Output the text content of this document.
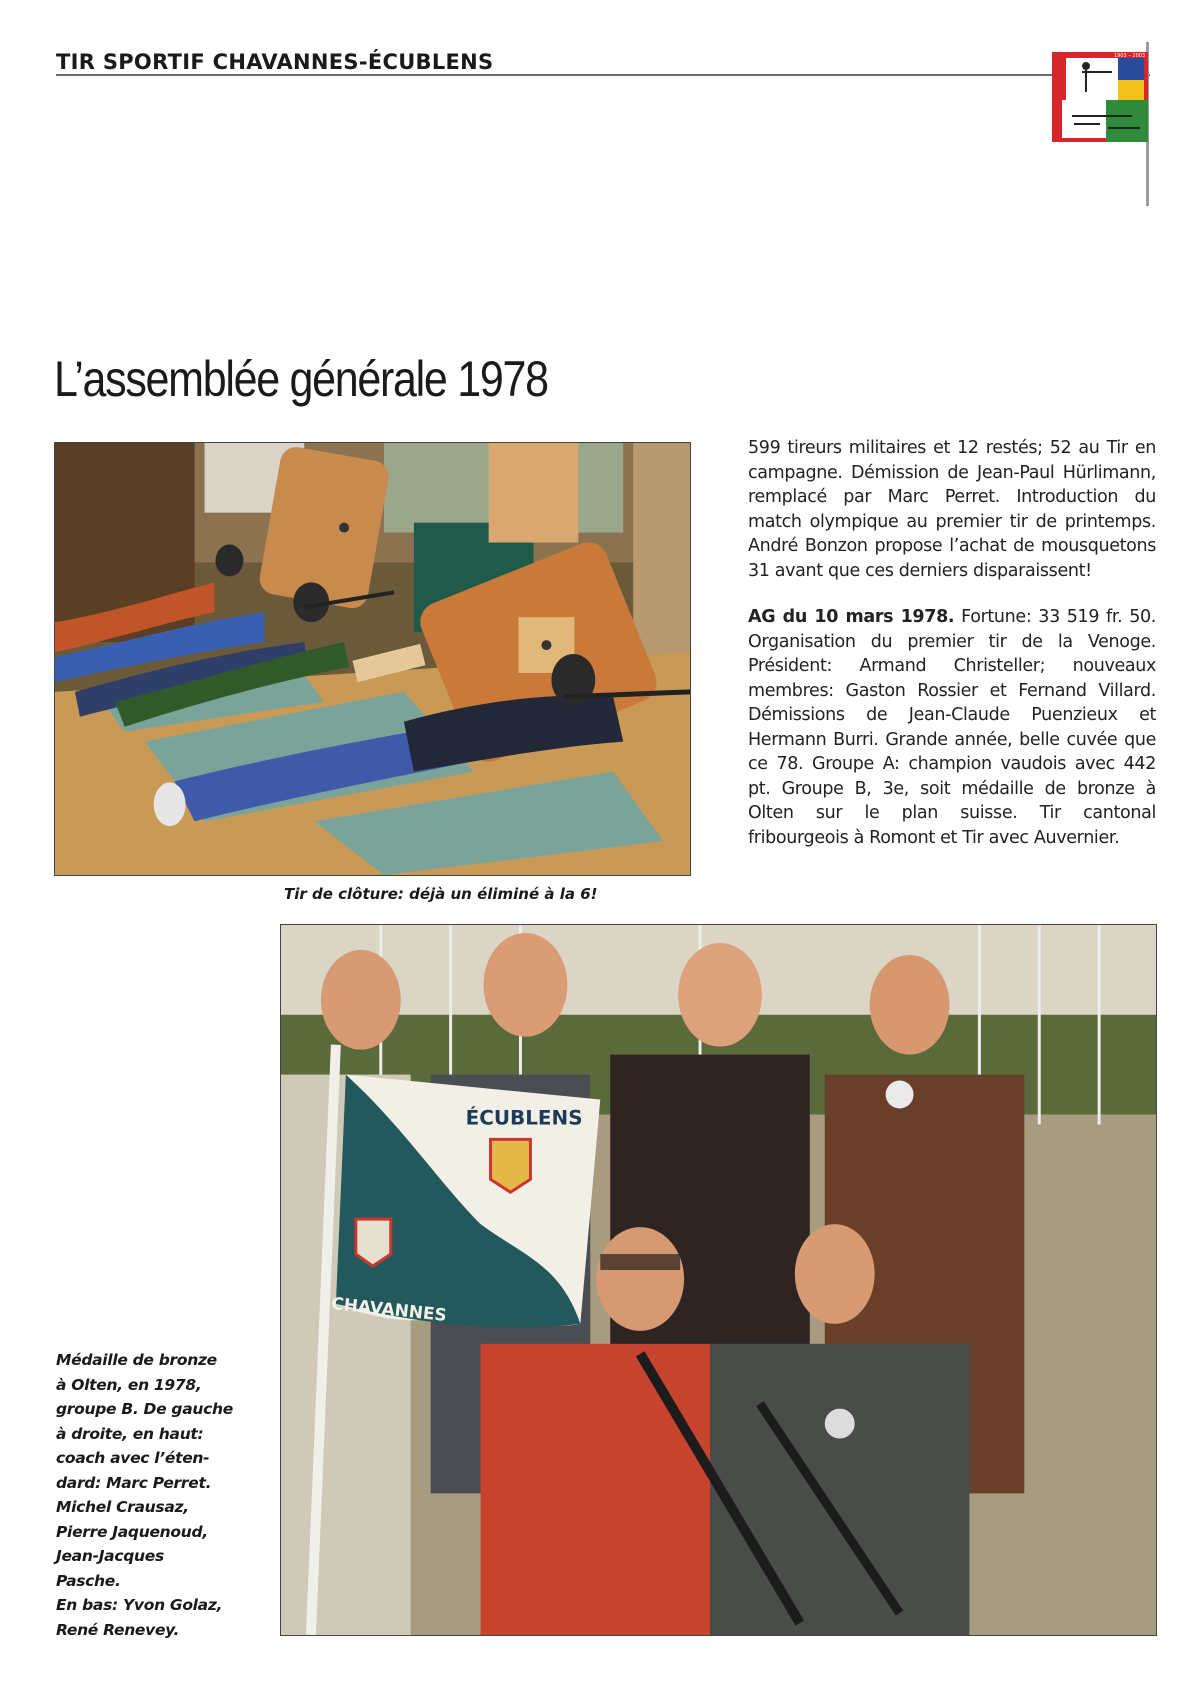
TIR SPORTIF CHAVANNES-ÉCUBLENS	1903 – 2003
L’assemblée générale 1978
Tir de clôture: déjà un éliminé à la 6!

599 tireurs militaires et 12 restés; 52 au Tir en campagne. Démission de Jean-Paul Hürlimann, remplacé par Marc Perret. Introduction du match olympique au premier tir de printemps. André Bonzon propose l’achat de mousquetons 31 avant que ces derniers disparaissent!

AG du 10 mars 1978. Fortune: 33 519 fr. 50. Organisation du premier tir de la Venoge. Président: Armand Christeller; nouveaux membres: Gaston Rossier et Fernand Villard. Démissions de Jean-Claude Puenzieux et Hermann Burri. Grande année, belle cuvée que ce 78. Groupe A: champion vaudois avec 442 pt. Groupe B, 3e, soit médaille de bronze à Olten sur le plan suisse. Tir cantonal fribourgeois à Romont et Tir avec Auvernier.

ÉCUBLENS
CHAVANNES
Médaille de bronze
à Olten, en 1978,
groupe B. De gauche
à droite, en haut:
coach avec l’éten-
dard: Marc Perret.
Michel Crausaz,
Pierre Jaquenoud,
Jean-Jacques
Pasche.
En bas: Yvon Golaz,
René Renevey.
